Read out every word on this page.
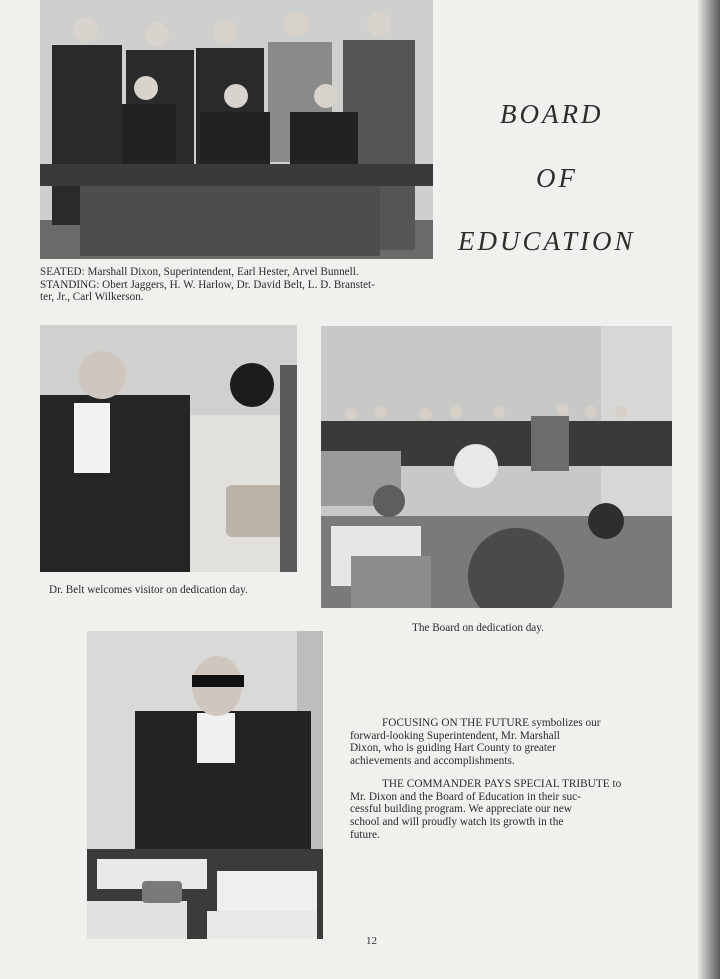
SEATED: Marshall Dixon, Superintendent, Earl Hester, Arvel Bunnell.
STANDING: Obert Jaggers, H. W. Harlow, Dr. David Belt, L. D. Branstet-
ter, Jr., Carl Wilkerson.

BOARD
OF
EDUCATION

Dr. Belt welcomes visitor on dedication day.

The Board on dedication day.

FOCUSING ON THE FUTURE symbolizes our
forward-looking Superintendent, Mr. Marshall
Dixon, who is guiding Hart County to greater
achievements and accomplishments.

THE COMMANDER PAYS SPECIAL TRIBUTE to
Mr. Dixon and the Board of Education in their suc-
cessful building program. We appreciate our new
school and will proudly watch its growth in the
future.

12
